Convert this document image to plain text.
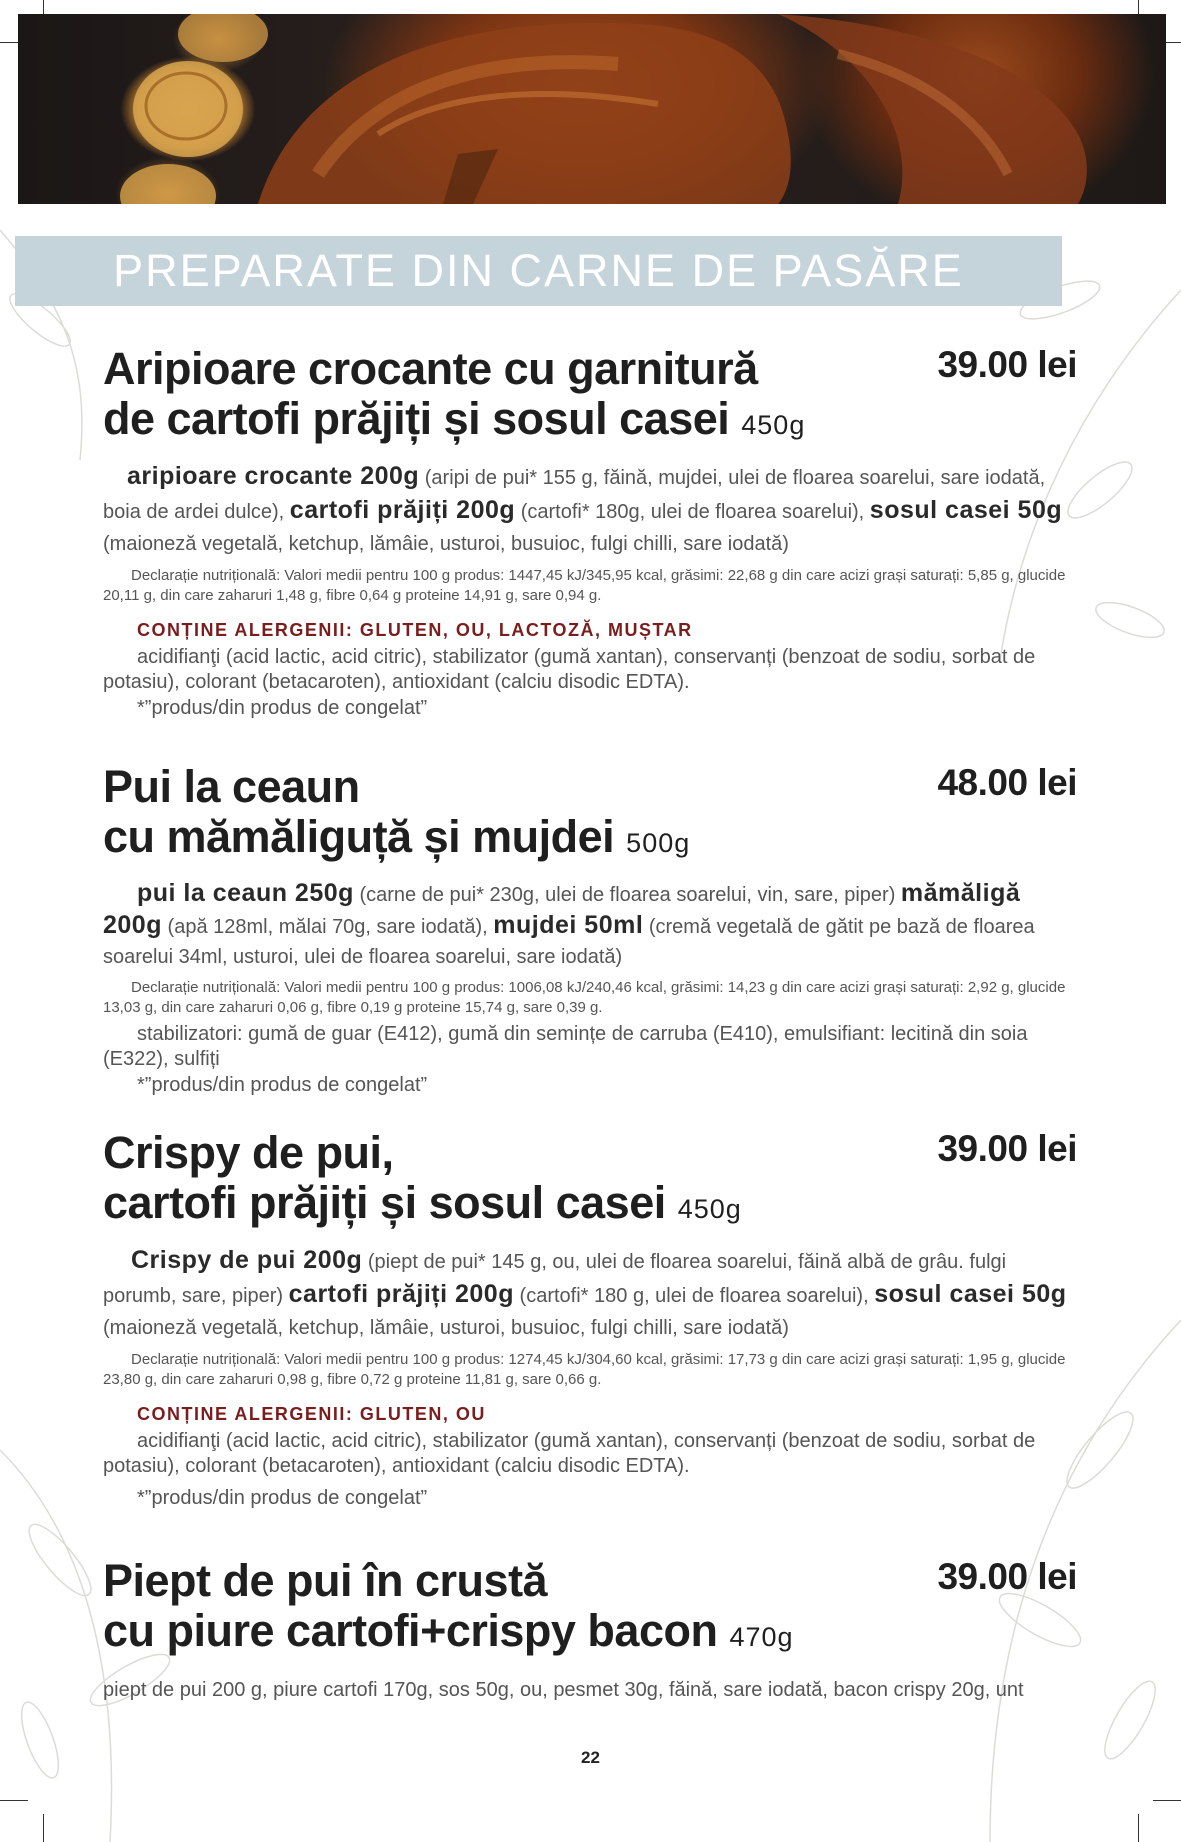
PREPARATE DIN CARNE DE PASĂRE
39.00 lei
Aripioare crocante cu garnitură
de cartofi prăjiți și sosul casei 450g
aripioare crocante 200g (aripi de pui* 155 g, făină, mujdei, ulei de floarea soarelui, sare iodată, boia de ardei dulce), cartofi prăjiți 200g (cartofi* 180g, ulei de floarea soarelui), sosul casei 50g (maioneză vegetală, ketchup, lămâie, usturoi, busuioc, fulgi chilli, sare iodată)
Declarație nutrițională: Valori medii pentru 100 g produs: 1447,45 kJ/345,95 kcal, grăsimi: 22,68 g din care acizi grași saturați: 5,85 g, glucide 20,11 g, din care zaharuri 1,48 g, fibre 0,64 g proteine 14,91 g, sare 0,94 g.
CONȚINE ALERGENII: GLUTEN, OU, LACTOZĂ, MUȘTAR
acidifianţi (acid lactic, acid citric), stabilizator (gumă xantan), conservanți (benzoat de sodiu, sorbat de potasiu), colorant (betacaroten), antioxidant (calciu disodic EDTA).
*”produs/din produs de congelat”
48.00 lei
Pui la ceaun
cu mămăliguță și mujdei 500g
pui la ceaun 250g (carne de pui* 230g, ulei de floarea soarelui, vin, sare, piper) mămăligă 200g (apă 128ml, mălai 70g, sare iodată), mujdei 50ml (cremă vegetală de gătit pe bază de floarea soarelui 34ml, usturoi, ulei de floarea soarelui, sare iodată)
Declarație nutrițională: Valori medii pentru 100 g produs: 1006,08 kJ/240,46 kcal, grăsimi: 14,23 g din care acizi grași saturați: 2,92 g, glucide 13,03 g, din care zaharuri 0,06 g, fibre 0,19 g proteine 15,74 g, sare 0,39 g.
stabilizatori: gumă de guar (E412), gumă din semințe de carruba (E410), emulsifiant: lecitină din soia (E322), sulfiți
*”produs/din produs de congelat”
39.00 lei
Crispy de pui,
cartofi prăjiți și sosul casei 450g
Crispy de pui 200g (piept de pui* 145 g, ou, ulei de floarea soarelui, făină albă de grâu. fulgi porumb, sare, piper) cartofi prăjiți 200g (cartofi* 180 g, ulei de floarea soarelui), sosul casei 50g (maioneză vegetală, ketchup, lămâie, usturoi, busuioc, fulgi chilli, sare iodată)
Declarație nutrițională: Valori medii pentru 100 g produs: 1274,45 kJ/304,60 kcal, grăsimi: 17,73 g din care acizi grași saturați: 1,95 g, glucide 23,80 g, din care zaharuri 0,98 g, fibre 0,72 g proteine 11,81 g, sare 0,66 g.
CONȚINE ALERGENII: GLUTEN, OU
acidifianţi (acid lactic, acid citric), stabilizator (gumă xantan), conservanți (benzoat de sodiu, sorbat de potasiu), colorant (betacaroten), antioxidant (calciu disodic EDTA).
*”produs/din produs de congelat”
39.00 lei
Piept de pui în crustă
cu piure cartofi+crispy bacon 470g
piept de pui 200 g, piure cartofi 170g, sos 50g, ou, pesmet 30g, făină, sare iodată, bacon crispy 20g, unt
22
